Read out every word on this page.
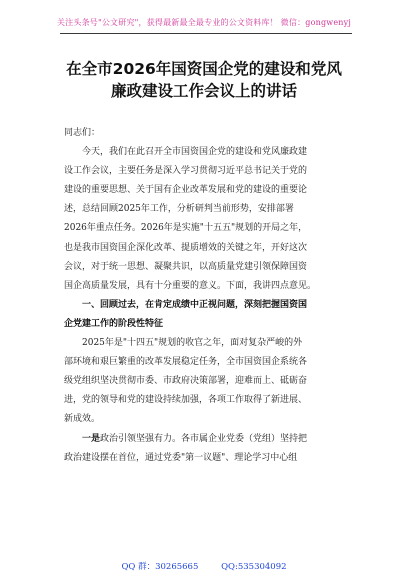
关注头条号"公文研究"，获得最新最全最专业的公文资料库！ 微信：gongwenyj
在全市2026年国资国企党的建设和党风
廉政建设工作会议上的讲话
同志们：
今天，我们在此召开全市国资国企党的建设和党风廉政建
设工作会议，主要任务是深入学习贯彻习近平总书记关于党的
建设的重要思想、关于国有企业改革发展和党的建设的重要论
述，总结回顾2025年工作，分析研判当前形势，安排部署
2026年重点任务。2026年是实施"十五五"规划的开局之年，
也是我市国资国企深化改革、提质增效的关键之年，开好这次
会议，对于统一思想、凝聚共识，以高质量党建引领保障国资
国企高质量发展，具有十分重要的意义。下面，我讲四点意见。
一、回顾过去，在肯定成绩中正视问题，深刻把握国资国
企党建工作的阶段性特征
2025年是"十四五"规划的收官之年，面对复杂严峻的外
部环境和艰巨繁重的改革发展稳定任务，全市国资国企系统各
级党组织坚决贯彻市委、市政府决策部署，迎难而上、砥砺奋
进，党的领导和党的建设持续加强，各项工作取得了新进展、
新成效。
一是政治引领坚强有力。各市属企业党委（党组）坚持把
政治建设摆在首位，通过党委"第一议题"、理论学习中心组
QQ 群：30265665	QQ:535304092
